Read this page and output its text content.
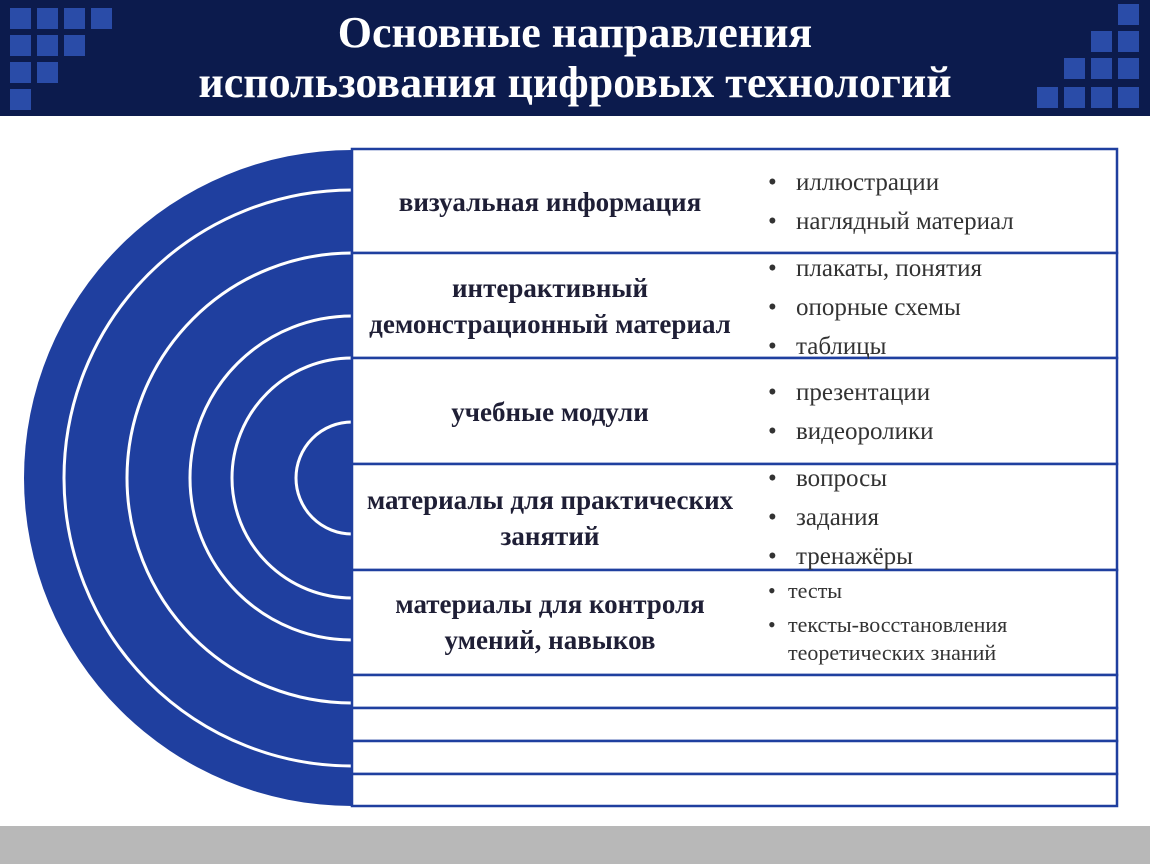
Основные направления
использования цифровых технологий
визуальная информация
• иллюстрации
• наглядный материал
интерактивный демонстрационный материал
• плакаты, понятия
• опорные схемы
• таблицы
учебные модули
• презентации
• видеоролики
материалы для практических занятий
• вопросы
• задания
• тренажёры
материалы для контроля умений, навыков
• тесты
• тексты-восстановления теоретических знаний
